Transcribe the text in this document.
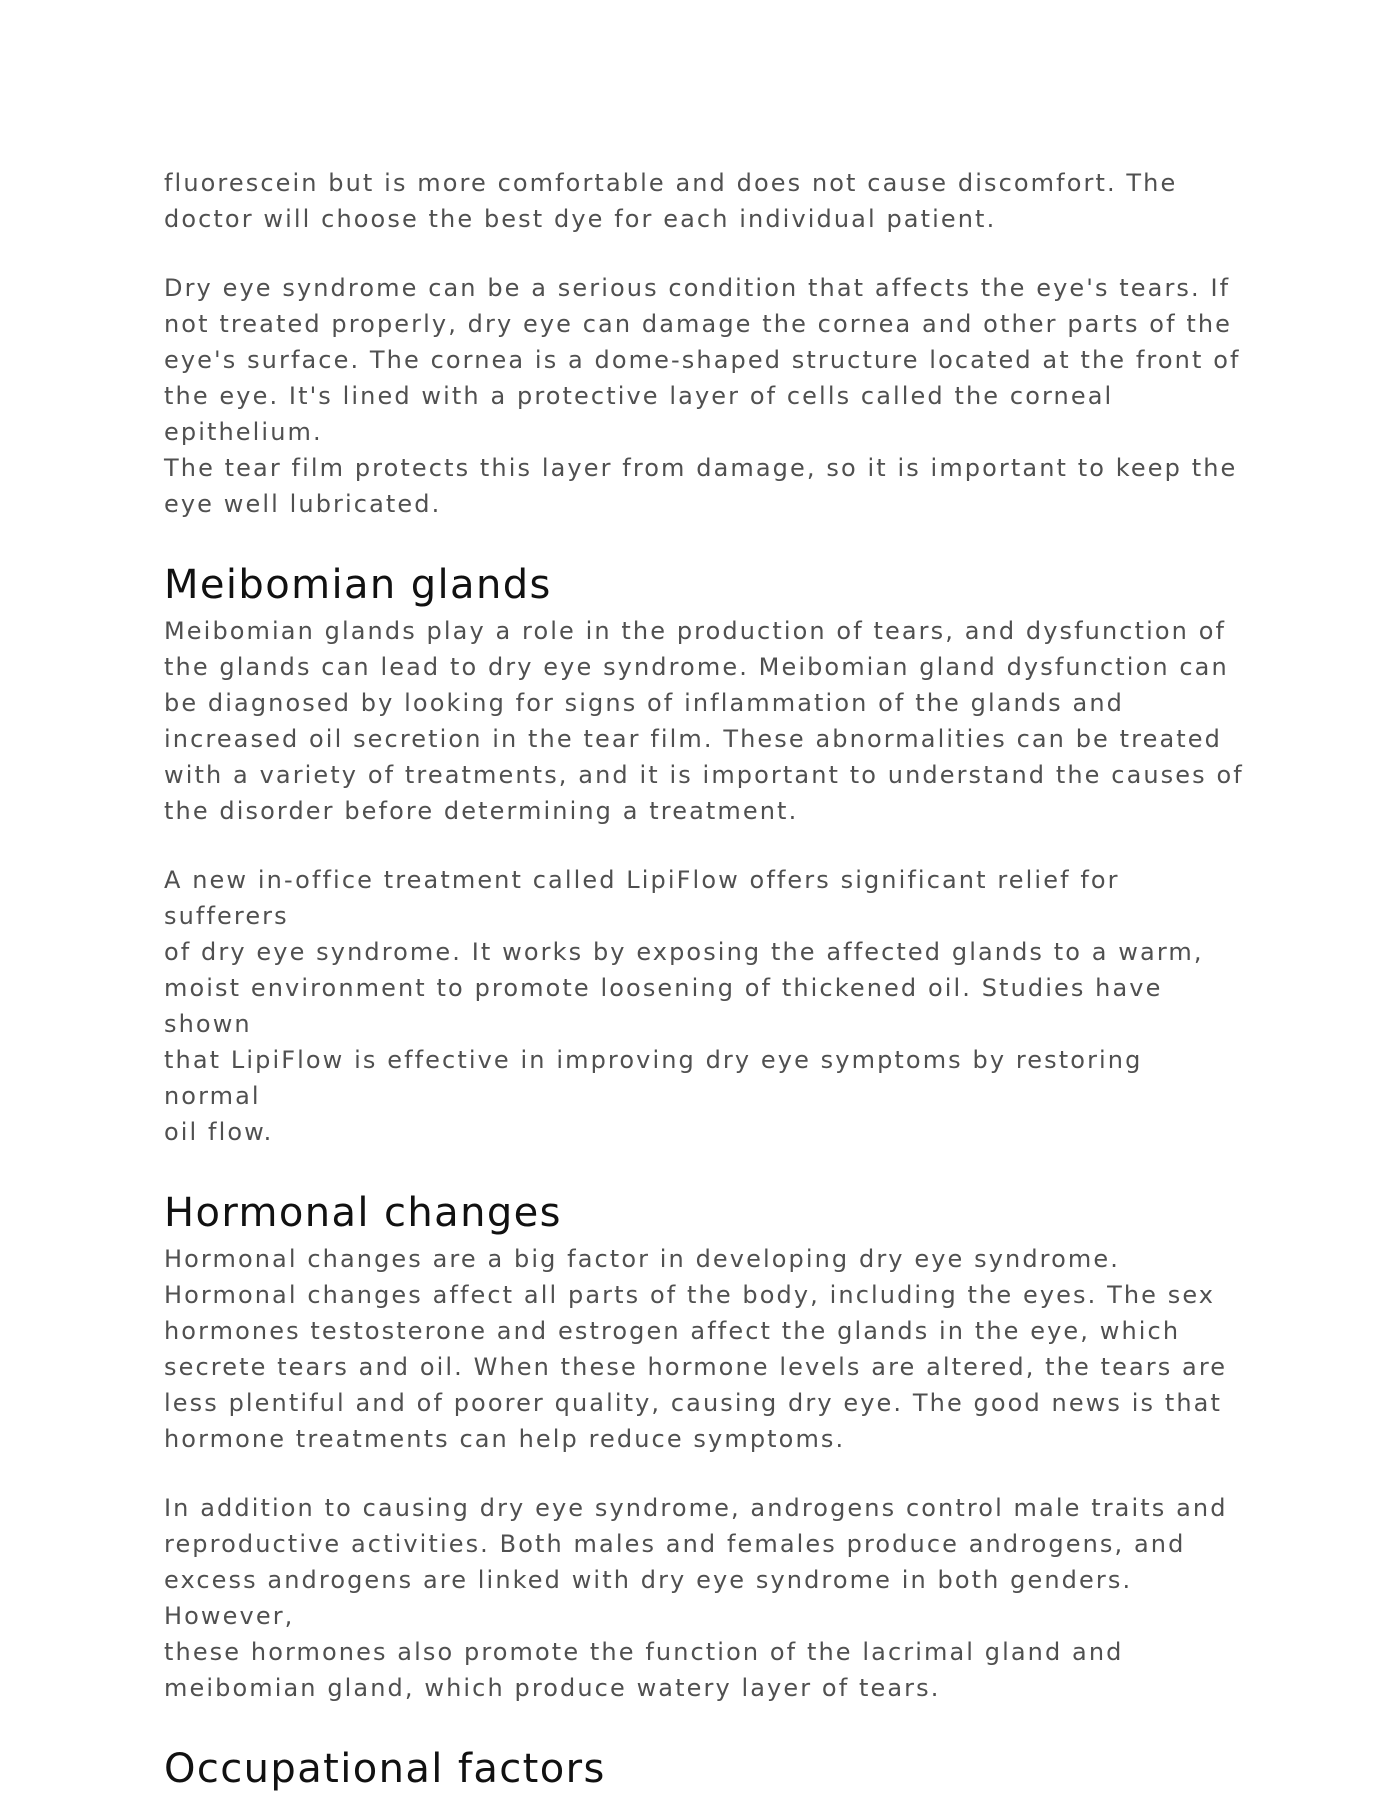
fluorescein but is more comfortable and does not cause discomfort. The
doctor will choose the best dye for each individual patient.

Dry eye syndrome can be a serious condition that affects the eye's tears. If
not treated properly, dry eye can damage the cornea and other parts of the
eye's surface. The cornea is a dome-shaped structure located at the front of
the eye. It's lined with a protective layer of cells called the corneal epithelium.
The tear film protects this layer from damage, so it is important to keep the
eye well lubricated.

Meibomian glands

Meibomian glands play a role in the production of tears, and dysfunction of
the glands can lead to dry eye syndrome. Meibomian gland dysfunction can
be diagnosed by looking for signs of inflammation of the glands and
increased oil secretion in the tear film. These abnormalities can be treated
with a variety of treatments, and it is important to understand the causes of
the disorder before determining a treatment.

A new in-office treatment called LipiFlow offers significant relief for sufferers
of dry eye syndrome. It works by exposing the affected glands to a warm,
moist environment to promote loosening of thickened oil. Studies have shown
that LipiFlow is effective in improving dry eye symptoms by restoring normal
oil flow.

Hormonal changes

Hormonal changes are a big factor in developing dry eye syndrome.
Hormonal changes affect all parts of the body, including the eyes. The sex
hormones testosterone and estrogen affect the glands in the eye, which
secrete tears and oil. When these hormone levels are altered, the tears are
less plentiful and of poorer quality, causing dry eye. The good news is that
hormone treatments can help reduce symptoms.

In addition to causing dry eye syndrome, androgens control male traits and
reproductive activities. Both males and females produce androgens, and
excess androgens are linked with dry eye syndrome in both genders. However,
these hormones also promote the function of the lacrimal gland and
meibomian gland, which produce watery layer of tears.

Occupational factors
